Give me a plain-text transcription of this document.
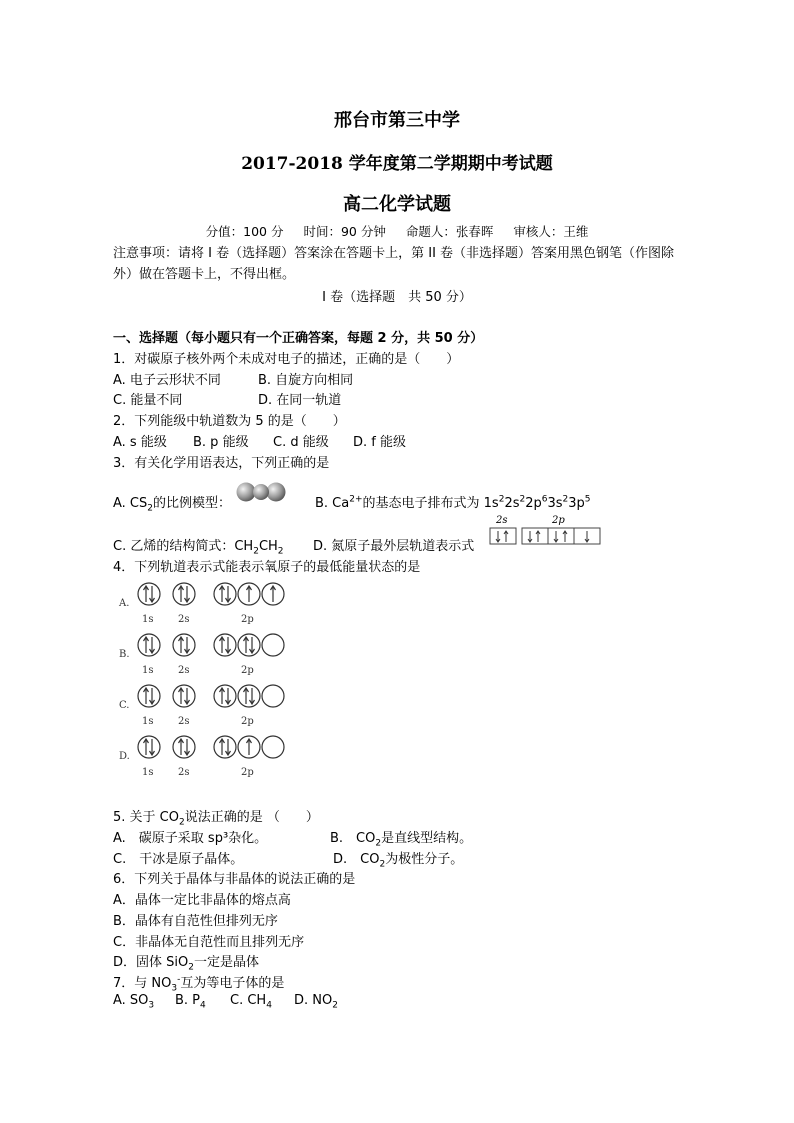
邢台市第三中学
2017-2018 学年度第二学期期中考试题
高二化学试题
分值：100 分 时间：90 分钟 命题人：张春晖 审核人：王维
注意事项：请将 I 卷（选择题）答案涂在答题卡上，第 II 卷（非选择题）答案用黑色钢笔（作图除外）做在答题卡上，不得出框。
I 卷（选择题　共 50 分）
一、选择题（每小题只有一个正确答案，每题 2 分，共 50 分）
1．对碳原子核外两个未成对电子的描述，正确的是（　　）
A. 电子云形状不同	B. 自旋方向相同
C. 能量不同	D. 在同一轨道
2．下列能级中轨道数为 5 的是（　　）
A. s 能级 B. p 能级 C. d 能级 D. f 能级
3．有关化学用语表达，下列正确的是
A. $CS_2$的比例模型：	B. $Ca^{2+}$的基态电子排布式为 $1s^22s^22p^63s^23p^5$
C. 乙烯的结构简式：$CH_2CH_2$ D. 氮原子最外层轨道表示式
2s	2p
4．下列轨道表示式能表示氧原子的最低能量状态的是
A.
B.
C.
D.
1s 2s	2p
1s 2s	2p
1s 2s	2p
1s 2s	2p
5. 关于 $CO_2$说法正确的是 （　　）
A.　碳原子采取 sp³杂化。	B.　$CO_2$是直线型结构。
C.　干冰是原子晶体。	D.　$CO_2$为极性分子。
6．下列关于晶体与非晶体的说法正确的是
A．晶体一定比非晶体的熔点高
B．晶体有自范性但排列无序
C．非晶体无自范性而且排列无序
D．固体 SiO$_2$一定是晶体
7．与 $NO_3^-$互为等电子体的是
A. $SO_3$ B. $P_4$ C. $CH_4$ D. $NO_2$
